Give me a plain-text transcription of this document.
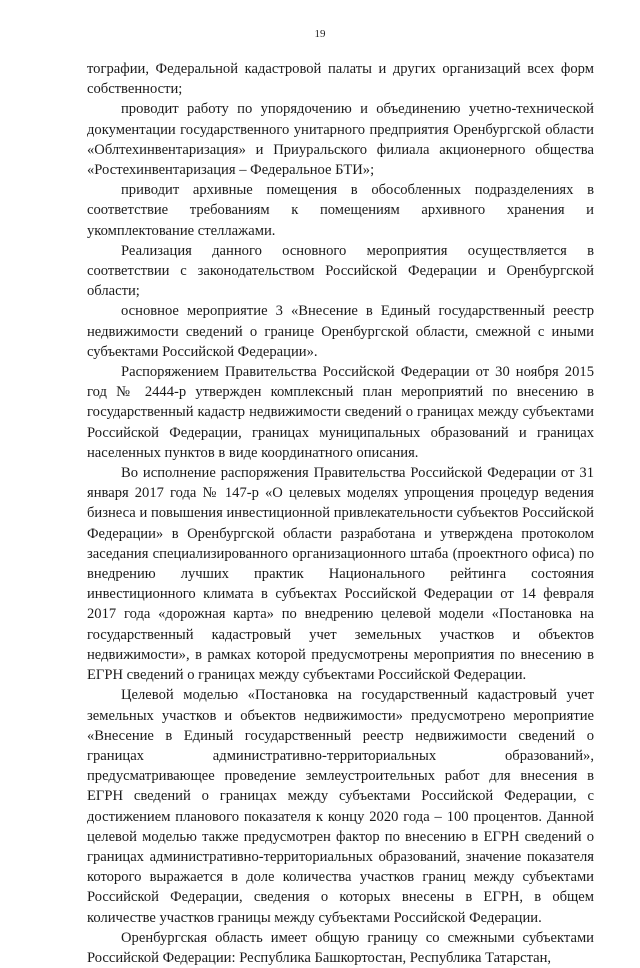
19

тографии, Федеральной кадастровой палаты и других организаций всех форм собственности;

проводит работу по упорядочению и объединению учетно-технической документации государственного унитарного предприятия Оренбургской области «Облтехинвентаризация» и Приуральского филиала акционерного общества «Ростехинвентаризация – Федеральное БТИ»;

приводит архивные помещения в обособленных подразделениях в соответствие требованиям к помещениям архивного хранения и укомплектование стеллажами.

Реализация данного основного мероприятия осуществляется в соответствии с законодательством Российской Федерации и Оренбургской области;

основное мероприятие 3 «Внесение в Единый государственный реестр недвижимости сведений о границе Оренбургской области, смежной с иными субъектами Российской Федерации».

Распоряжением Правительства Российской Федерации от 30 ноября 2015 год № 2444-р утвержден комплексный план мероприятий по внесению в государственный кадастр недвижимости сведений о границах между субъектами Российской Федерации, границах муниципальных образований и границах населенных пунктов в виде координатного описания.

Во исполнение распоряжения Правительства Российской Федерации от 31 января 2017 года № 147-р «О целевых моделях упрощения процедур ведения бизнеса и повышения инвестиционной привлекательности субъектов Российской Федерации» в Оренбургской области разработана и утверждена протоколом заседания специализированного организационного штаба (проектного офиса) по внедрению лучших практик Национального рейтинга состояния инвестиционного климата в субъектах Российской Федерации от 14 февраля 2017 года «дорожная карта» по внедрению целевой модели «Постановка на государственный кадастровый учет земельных участков и объектов недвижимости», в рамках которой предусмотрены мероприятия по внесению в ЕГРН сведений о границах между субъектами Российской Федерации.

Целевой моделью «Постановка на государственный кадастровый учет земельных участков и объектов недвижимости» предусмотрено мероприятие «Внесение в Единый государственный реестр недвижимости сведений о границах административно-территориальных образований», предусматривающее проведение землеустроительных работ для внесения в ЕГРН сведений о границах между субъектами Российской Федерации, с достижением планового показателя к концу 2020 года – 100 процентов. Данной целевой моделью также предусмотрен фактор по внесению в ЕГРН сведений о границах административно-территориальных образований, значение показателя которого выражается в доле количества участков границ между субъектами Российской Федерации, сведения о которых внесены в ЕГРН, в общем количестве участков границы между субъектами Российской Федерации.

Оренбургская область имеет общую границу со смежными субъектами Российской Федерации: Республика Башкортостан, Республика Татарстан,
